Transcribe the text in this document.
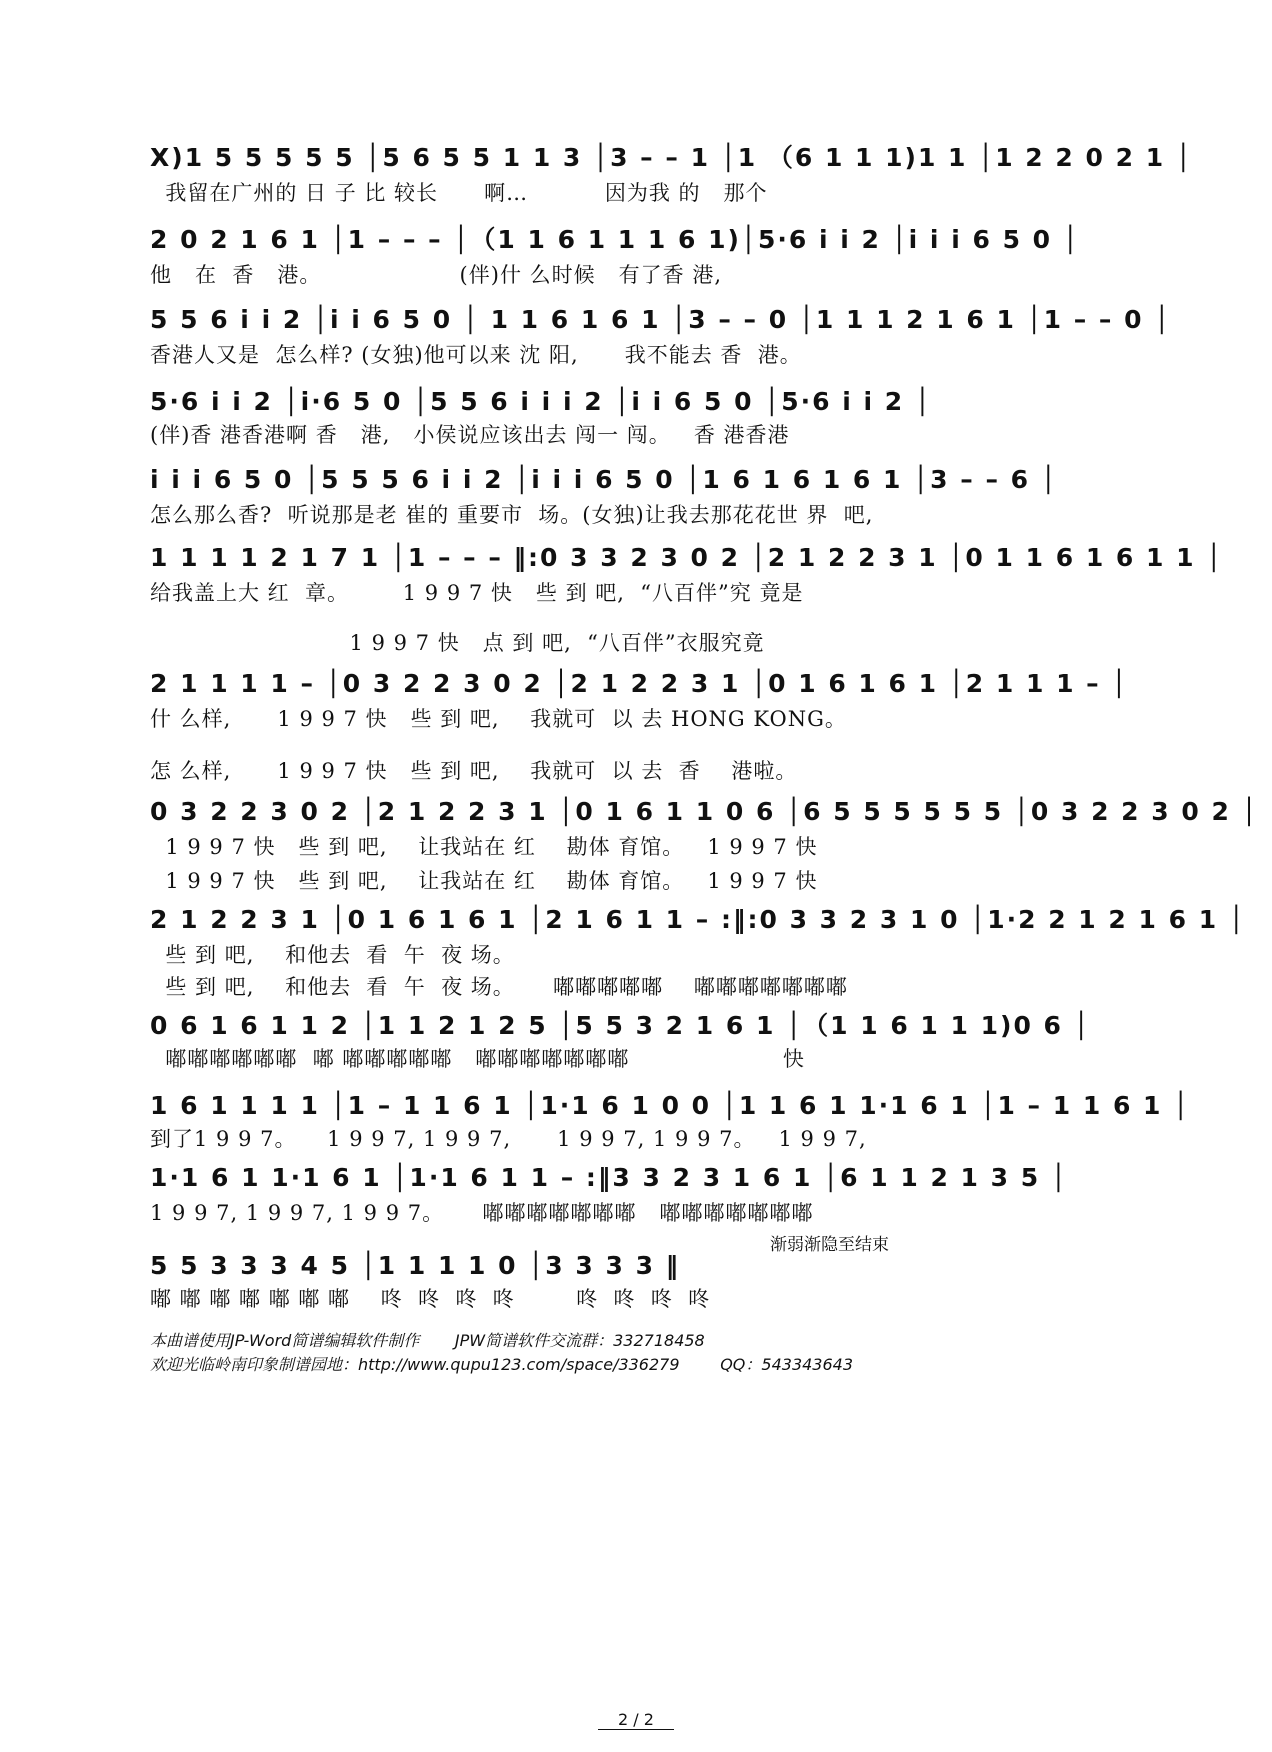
X)1 5 5 5 5 5 │5 6 5 5 1 1 3 │3 – – 1 │1 （6 1 1 1)1 1 │1 2 2 0 2 1 │
我留在广州的 日 子 比 较长      啊…          因为我 的   那个
2 0 2 1 6 1 │1 – – – │（1 1 6 1 1 1 6 1)│5·6 i i 2 │i i i 6 5 0 │
他   在  香   港。                  (伴)什 么时候   有了香 港,
5 5 6 i i 2 │i i 6 5 0 │ 1 1 6 1 6 1 │3 – – 0 │1 1 1 2 1 6 1 │1 – – 0 │
香港人又是  怎么样? (女独)他可以来 沈 阳,      我不能去 香  港。
5·6 i i 2 │i·6 5 0 │5 5 6 i i i 2 │i i 6 5 0 │5·6 i i 2 │
(伴)香 港香港啊 香   港,   小侯说应该出去 闯一 闯。   香 港香港
i i i 6 5 0 │5 5 5 6 i i 2 │i i i 6 5 0 │1 6 1 6 1 6 1 │3 – – 6 │
怎么那么香?  听说那是老 崔的 重要市  场。(女独)让我去那花花世 界  吧,
1 1 1 1 2 1 7 1 │1 – – – ‖:0 3 3 2 3 0 2 │2 1 2 2 3 1 │0 1 1 6 1 6 1 1 │
给我盖上大 红  章。       1 9 9 7 快   些 到 吧,  “八百伴”究 竟是
1 9 9 7 快   点 到 吧,  “八百伴”衣服究竟
2 1 1 1 1 – │0 3 2 2 3 0 2 │2 1 2 2 3 1 │0 1 6 1 6 1 │2 1 1 1 – │
什 么样,      1 9 9 7 快   些 到 吧,    我就可  以 去 HONG KONG。
怎 么样,      1 9 9 7 快   些 到 吧,    我就可  以 去  香    港啦。
0 3 2 2 3 0 2 │2 1 2 2 3 1 │0 1 6 1 1 0 6 │6 5 5 5 5 5 5 │0 3 2 2 3 0 2 │
1 9 9 7 快   些 到 吧,    让我站在 红    勘体 育馆。   1 9 9 7 快
1 9 9 7 快   些 到 吧,    让我站在 红    勘体 育馆。   1 9 9 7 快
2 1 2 2 3 1 │0 1 6 1 6 1 │2 1 6 1 1 – :‖:0 3 3 2 3 1 0 │1·2 2 1 2 1 6 1 │
些 到 吧,    和他去  看  午  夜 场。
些 到 吧,    和他去  看  午  夜 场。     嘟嘟嘟嘟嘟    嘟嘟嘟嘟嘟嘟嘟
0 6 1 6 1 1 2 │1 1 2 1 2 5 │5 5 3 2 1 6 1 │（1 1 6 1 1 1)0 6 │
嘟嘟嘟嘟嘟嘟  嘟 嘟嘟嘟嘟嘟   嘟嘟嘟嘟嘟嘟嘟                    快
1 6 1 1 1 1 │1 – 1 1 6 1 │1·1 6 1 0 0 │1 1 6 1 1·1 6 1 │1 – 1 1 6 1 │
到了1 9 9 7。    1 9 9 7, 1 9 9 7,      1 9 9 7, 1 9 9 7。   1 9 9 7,
1·1 6 1 1·1 6 1 │1·1 6 1 1 – :‖3 3 2 3 1 6 1 │6 1 1 2 1 3 5 │
1 9 9 7, 1 9 9 7, 1 9 9 7。     嘟嘟嘟嘟嘟嘟嘟   嘟嘟嘟嘟嘟嘟嘟
渐弱渐隐至结束
5 5 3 3 3 4 5 │1 1 1 1 0 │3 3 3 3 ‖
嘟 嘟 嘟 嘟 嘟 嘟 嘟    咚  咚  咚  咚        咚  咚  咚  咚
本曲谱使用JP-Word简谱编辑软件制作       JPW简谱软件交流群：332718458
欢迎光临岭南印象制谱园地：http://www.qupu123.com/space/336279        QQ：543343643
2 / 2
